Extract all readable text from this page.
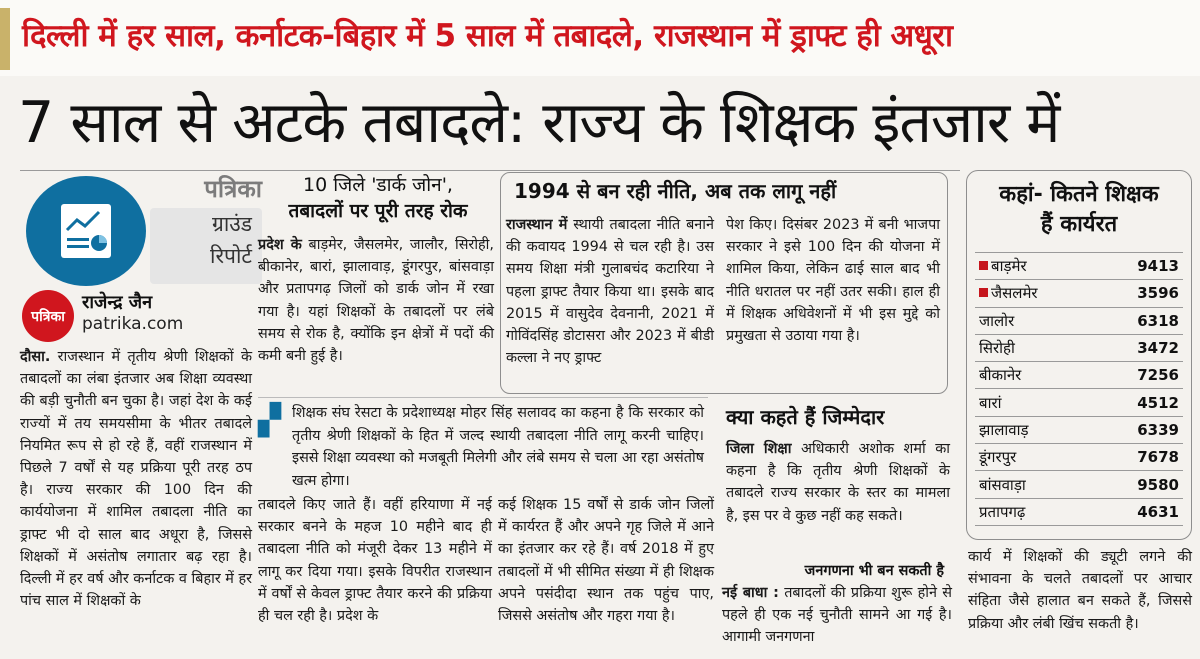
दिल्ली में हर साल, कर्नाटक-बिहार में 5 साल में तबादले, राजस्थान में ड्राफ्ट ही अधूरा
7 साल से अटके तबादले: राज्य के शिक्षक इंतजार में
पत्रिका
ग्राउंड
रिपोर्ट
पत्रिका
राजेन्द्र जैन
patrika.com
दौसा. राजस्थान में तृतीय श्रेणी शिक्षकों के तबादलों का लंबा इंतजार अब शिक्षा व्यवस्था की बड़ी चुनौती बन चुका है। जहां देश के कई राज्यों में तय समयसीमा के भीतर तबादले नियमित रूप से हो रहे हैं, वहीं राजस्थान में पिछले 7 वर्षों से यह प्रक्रिया पूरी तरह ठप है। राज्य सरकार की 100 दिन की कार्ययोजना में शामिल तबादला नीति का ड्राफ्ट भी दो साल बाद अधूरा है, जिससे शिक्षकों में असंतोष लगातार बढ़ रहा है। दिल्ली में हर वर्ष और कर्नाटक व बिहार में हर पांच साल में शिक्षकों के
10 जिले 'डार्क जोन',
तबादलों पर पूरी तरह रोक
प्रदेश के बाड़मेर, जैसलमेर, जालौर, सिरोही, बीकानेर, बारां, झालावाड़, डूंगरपुर, बांसवाड़ा और प्रतापगढ़ जिलों को डार्क जोन में रखा गया है। यहां शिक्षकों के तबादलों पर लंबे समय से रोक है, क्योंकि इन क्षेत्रों में पदों की कमी बनी हुई है।
1994 से बन रही नीति, अब तक लागू नहीं
राजस्थान में स्थायी तबादला नीति बनाने की कवायद 1994 से चल रही है। उस समय शिक्षा मंत्री गुलाबचंद कटारिया ने पहला ड्राफ्ट तैयार किया था। इसके बाद 2015 में वासुदेव देवनानी, 2021 में गोविंदसिंह डोटासरा और 2023 में बीडी कल्ला ने नए ड्राफ्ट
पेश किए। दिसंबर 2023 में बनी भाजपा सरकार ने इसे 100 दिन की योजना में शामिल किया, लेकिन ढाई साल बाद भी नीति धरातल पर नहीं उतर सकी। हाल ही में शिक्षक अधिवेशनों में भी इस मुद्दे को प्रमुखता से उठाया गया है।
▞ शिक्षक संघ रेसटा के प्रदेशाध्यक्ष मोहर सिंह सलावद का कहना है कि सरकार को तृतीय श्रेणी शिक्षकों के हित में जल्द स्थायी तबादला नीति लागू करनी चाहिए। इससे शिक्षा व्यवस्था को मजबूती मिलेगी और लंबे समय से चला आ रहा असंतोष खत्म होगा।
तबादले किए जाते हैं। वहीं हरियाणा में नई सरकार बनने के महज 10 महीने बाद ही तबादला नीति को मंजूरी देकर 13 महीने में लागू कर दिया गया। इसके विपरीत राजस्थान में वर्षों से केवल ड्राफ्ट तैयार करने की प्रक्रिया ही चल रही है। प्रदेश के
कई शिक्षक 15 वर्षों से डार्क जोन जिलों में कार्यरत हैं और अपने गृह जिले में आने का इंतजार कर रहे हैं। वर्ष 2018 में हुए तबादलों में भी सीमित संख्या में ही शिक्षक अपने पसंदीदा स्थान तक पहुंच पाए, जिससे असंतोष और गहरा गया है।
क्या कहते हैं जिम्मेदार
जिला शिक्षा अधिकारी अशोक शर्मा का कहना है कि तृतीय श्रेणी शिक्षकों के तबादले राज्य सरकार के स्तर का मामला है, इस पर वे कुछ नहीं कह सकते।
जनगणना भी बन सकती है
नई बाधा : तबादलों की प्रक्रिया शुरू होने से पहले ही एक नई चुनौती सामने आ गई है। आगामी जनगणना
कहां- कितने शिक्षक
हैं कार्यरत
बाड़मेर	9413
जैसलमेर	3596
जालोर	6318
सिरोही	3472
बीकानेर	7256
बारां	4512
झालावाड़	6339
डूंगरपुर	7678
बांसवाड़ा	9580
प्रतापगढ़	4631
कार्य में शिक्षकों की ड्यूटी लगने की संभावना के चलते तबादलों पर आचार संहिता जैसे हालात बन सकते हैं, जिससे प्रक्रिया और लंबी खिंच सकती है।
